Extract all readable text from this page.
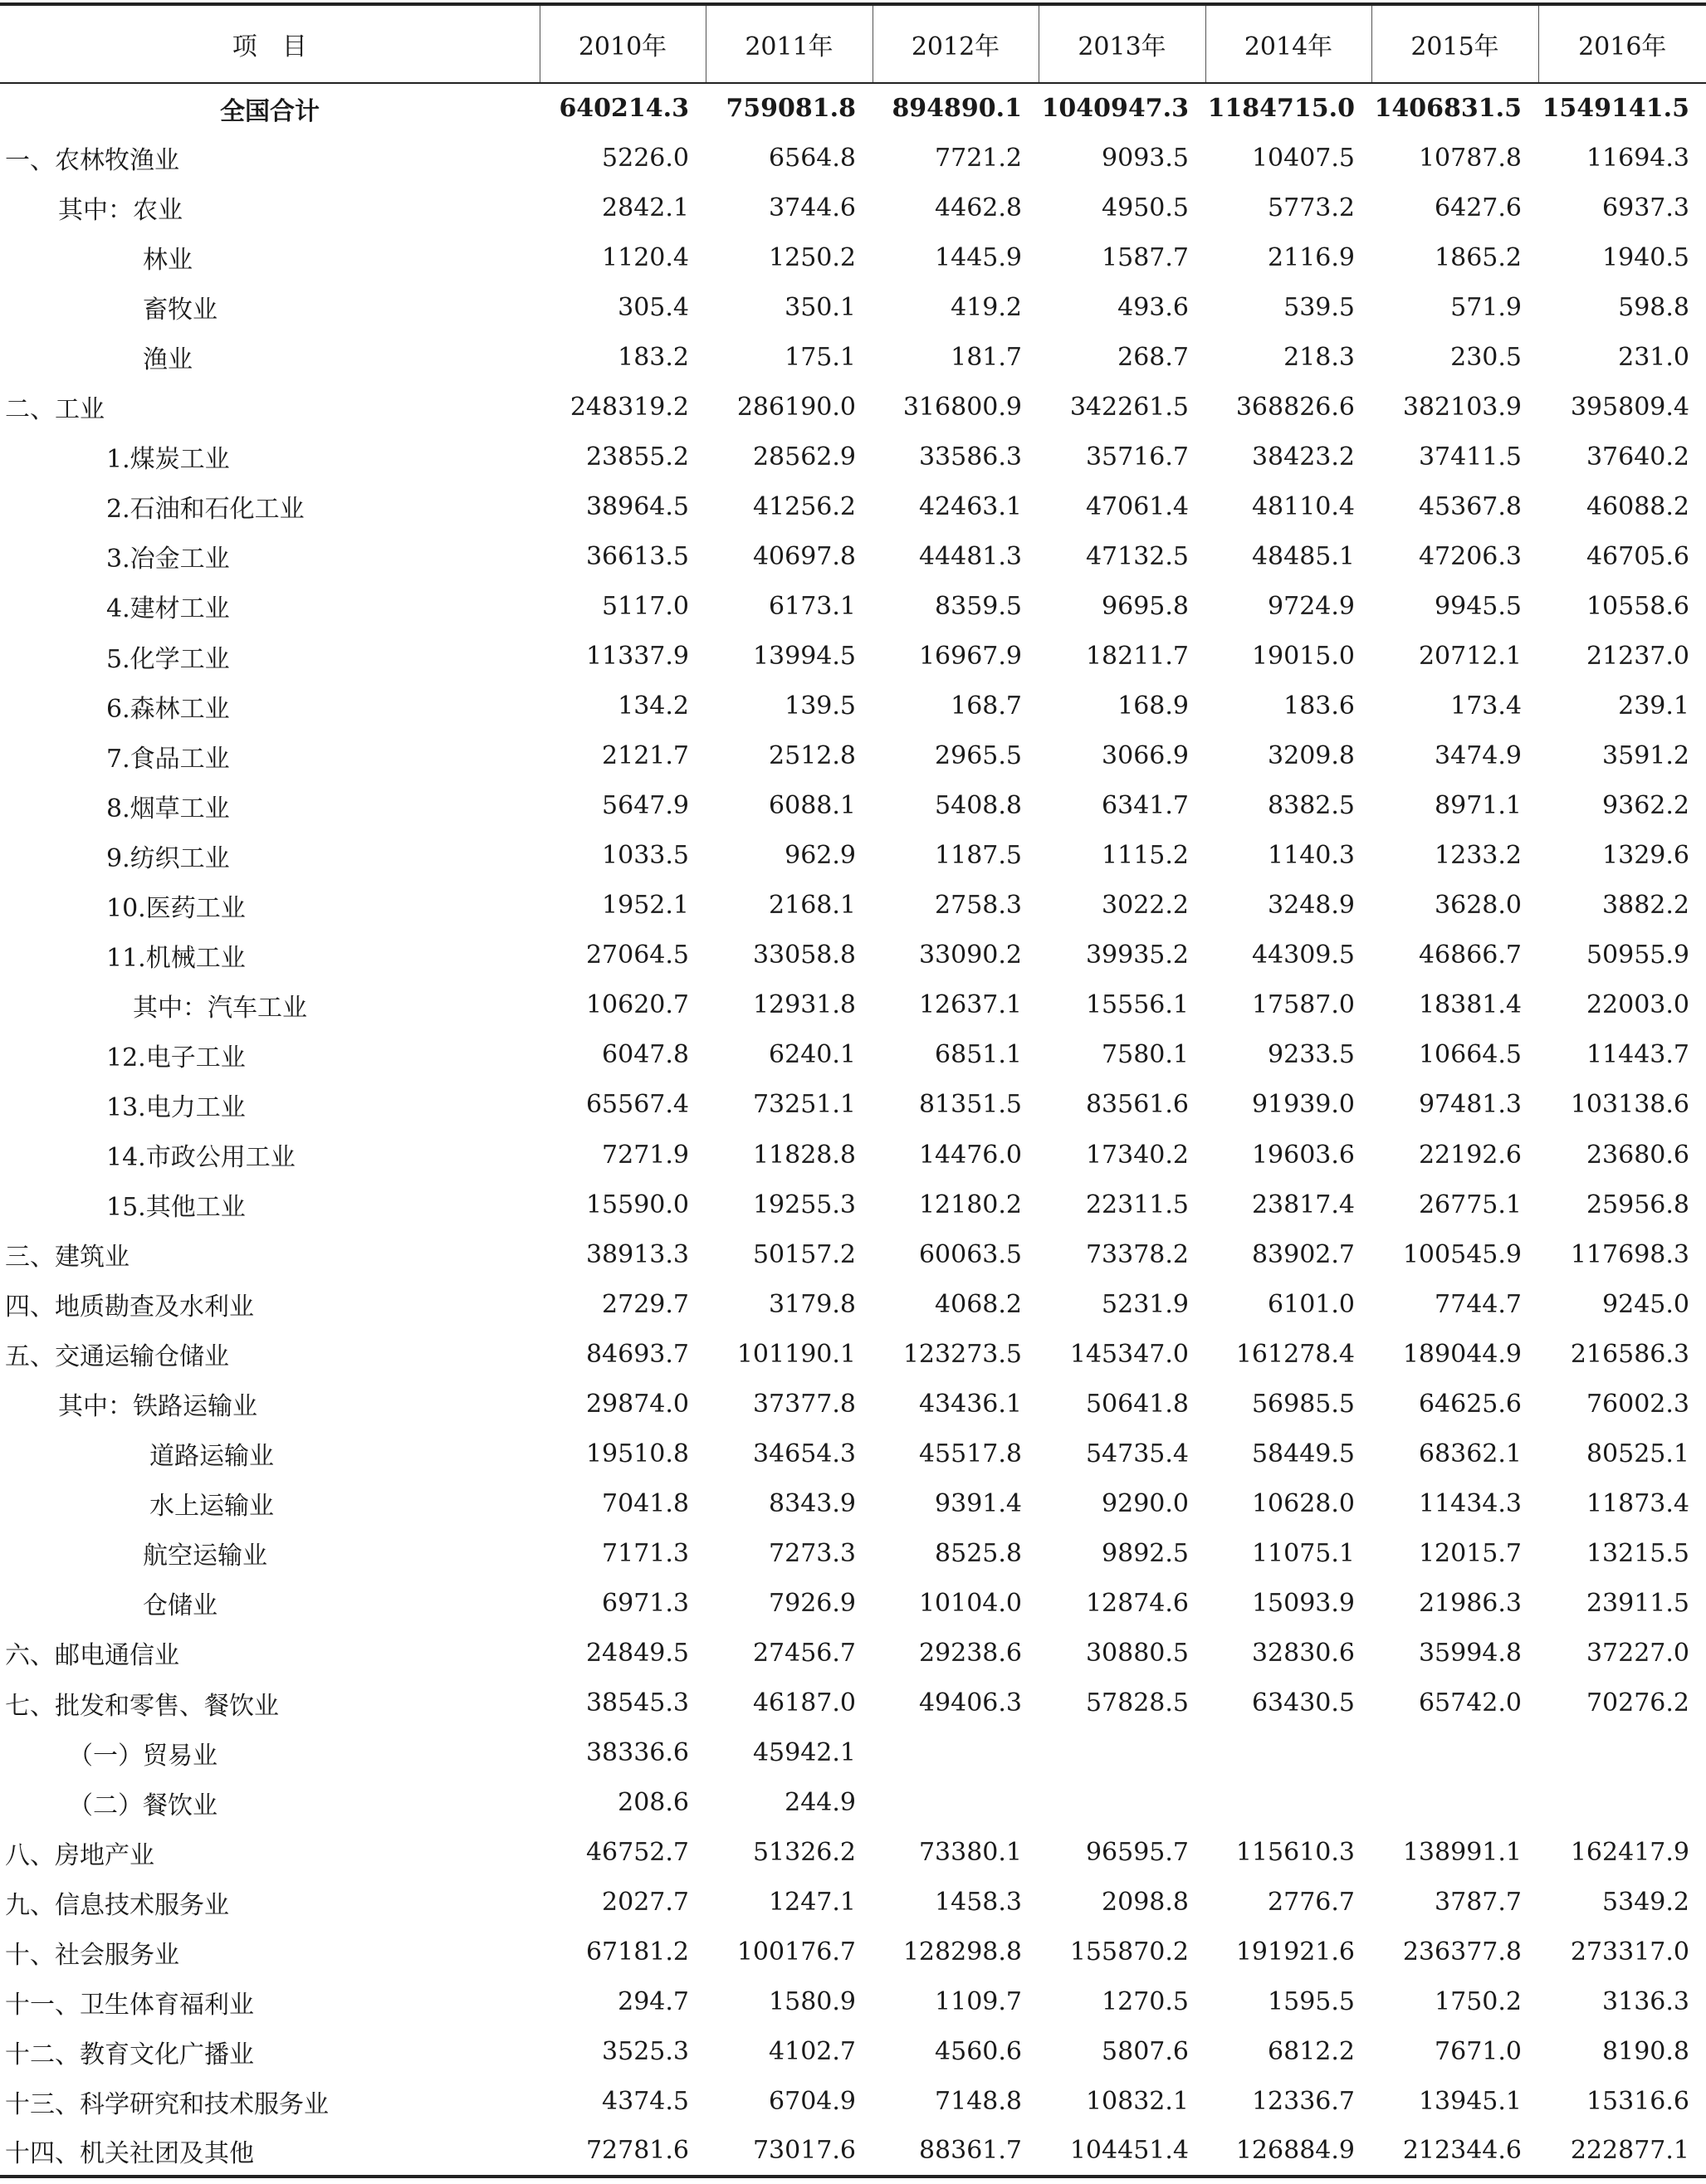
项　目	2010年	2011年	2012年	2013年	2014年	2015年	2016年
全国合计	640214.3	759081.8	894890.1	1040947.3	1184715.0	1406831.5	1549141.5
一、农林牧渔业	5226.0	6564.8	7721.2	9093.5	10407.5	10787.8	11694.3
其中：农业	2842.1	3744.6	4462.8	4950.5	5773.2	6427.6	6937.3
林业	1120.4	1250.2	1445.9	1587.7	2116.9	1865.2	1940.5
畜牧业	305.4	350.1	419.2	493.6	539.5	571.9	598.8
渔业	183.2	175.1	181.7	268.7	218.3	230.5	231.0
二、工业	248319.2	286190.0	316800.9	342261.5	368826.6	382103.9	395809.4
1.煤炭工业	23855.2	28562.9	33586.3	35716.7	38423.2	37411.5	37640.2
2.石油和石化工业	38964.5	41256.2	42463.1	47061.4	48110.4	45367.8	46088.2
3.冶金工业	36613.5	40697.8	44481.3	47132.5	48485.1	47206.3	46705.6
4.建材工业	5117.0	6173.1	8359.5	9695.8	9724.9	9945.5	10558.6
5.化学工业	11337.9	13994.5	16967.9	18211.7	19015.0	20712.1	21237.0
6.森林工业	134.2	139.5	168.7	168.9	183.6	173.4	239.1
7.食品工业	2121.7	2512.8	2965.5	3066.9	3209.8	3474.9	3591.2
8.烟草工业	5647.9	6088.1	5408.8	6341.7	8382.5	8971.1	9362.2
9.纺织工业	1033.5	962.9	1187.5	1115.2	1140.3	1233.2	1329.6
10.医药工业	1952.1	2168.1	2758.3	3022.2	3248.9	3628.0	3882.2
11.机械工业	27064.5	33058.8	33090.2	39935.2	44309.5	46866.7	50955.9
其中：汽车工业	10620.7	12931.8	12637.1	15556.1	17587.0	18381.4	22003.0
12.电子工业	6047.8	6240.1	6851.1	7580.1	9233.5	10664.5	11443.7
13.电力工业	65567.4	73251.1	81351.5	83561.6	91939.0	97481.3	103138.6
14.市政公用工业	7271.9	11828.8	14476.0	17340.2	19603.6	22192.6	23680.6
15.其他工业	15590.0	19255.3	12180.2	22311.5	23817.4	26775.1	25956.8
三、建筑业	38913.3	50157.2	60063.5	73378.2	83902.7	100545.9	117698.3
四、地质勘查及水利业	2729.7	3179.8	4068.2	5231.9	6101.0	7744.7	9245.0
五、交通运输仓储业	84693.7	101190.1	123273.5	145347.0	161278.4	189044.9	216586.3
其中：铁路运输业	29874.0	37377.8	43436.1	50641.8	56985.5	64625.6	76002.3
道路运输业	19510.8	34654.3	45517.8	54735.4	58449.5	68362.1	80525.1
水上运输业	7041.8	8343.9	9391.4	9290.0	10628.0	11434.3	11873.4
航空运输业	7171.3	7273.3	8525.8	9892.5	11075.1	12015.7	13215.5
仓储业	6971.3	7926.9	10104.0	12874.6	15093.9	21986.3	23911.5
六、邮电通信业	24849.5	27456.7	29238.6	30880.5	32830.6	35994.8	37227.0
七、批发和零售、餐饮业	38545.3	46187.0	49406.3	57828.5	63430.5	65742.0	70276.2
（一）贸易业	38336.6	45942.1					
（二）餐饮业	208.6	244.9					
八、房地产业	46752.7	51326.2	73380.1	96595.7	115610.3	138991.1	162417.9
九、信息技术服务业	2027.7	1247.1	1458.3	2098.8	2776.7	3787.7	5349.2
十、社会服务业	67181.2	100176.7	128298.8	155870.2	191921.6	236377.8	273317.0
十一、卫生体育福利业	294.7	1580.9	1109.7	1270.5	1595.5	1750.2	3136.3
十二、教育文化广播业	3525.3	4102.7	4560.6	5807.6	6812.2	7671.0	8190.8
十三、科学研究和技术服务业	4374.5	6704.9	7148.8	10832.1	12336.7	13945.1	15316.6
十四、机关社团及其他	72781.6	73017.6	88361.7	104451.4	126884.9	212344.6	222877.1
